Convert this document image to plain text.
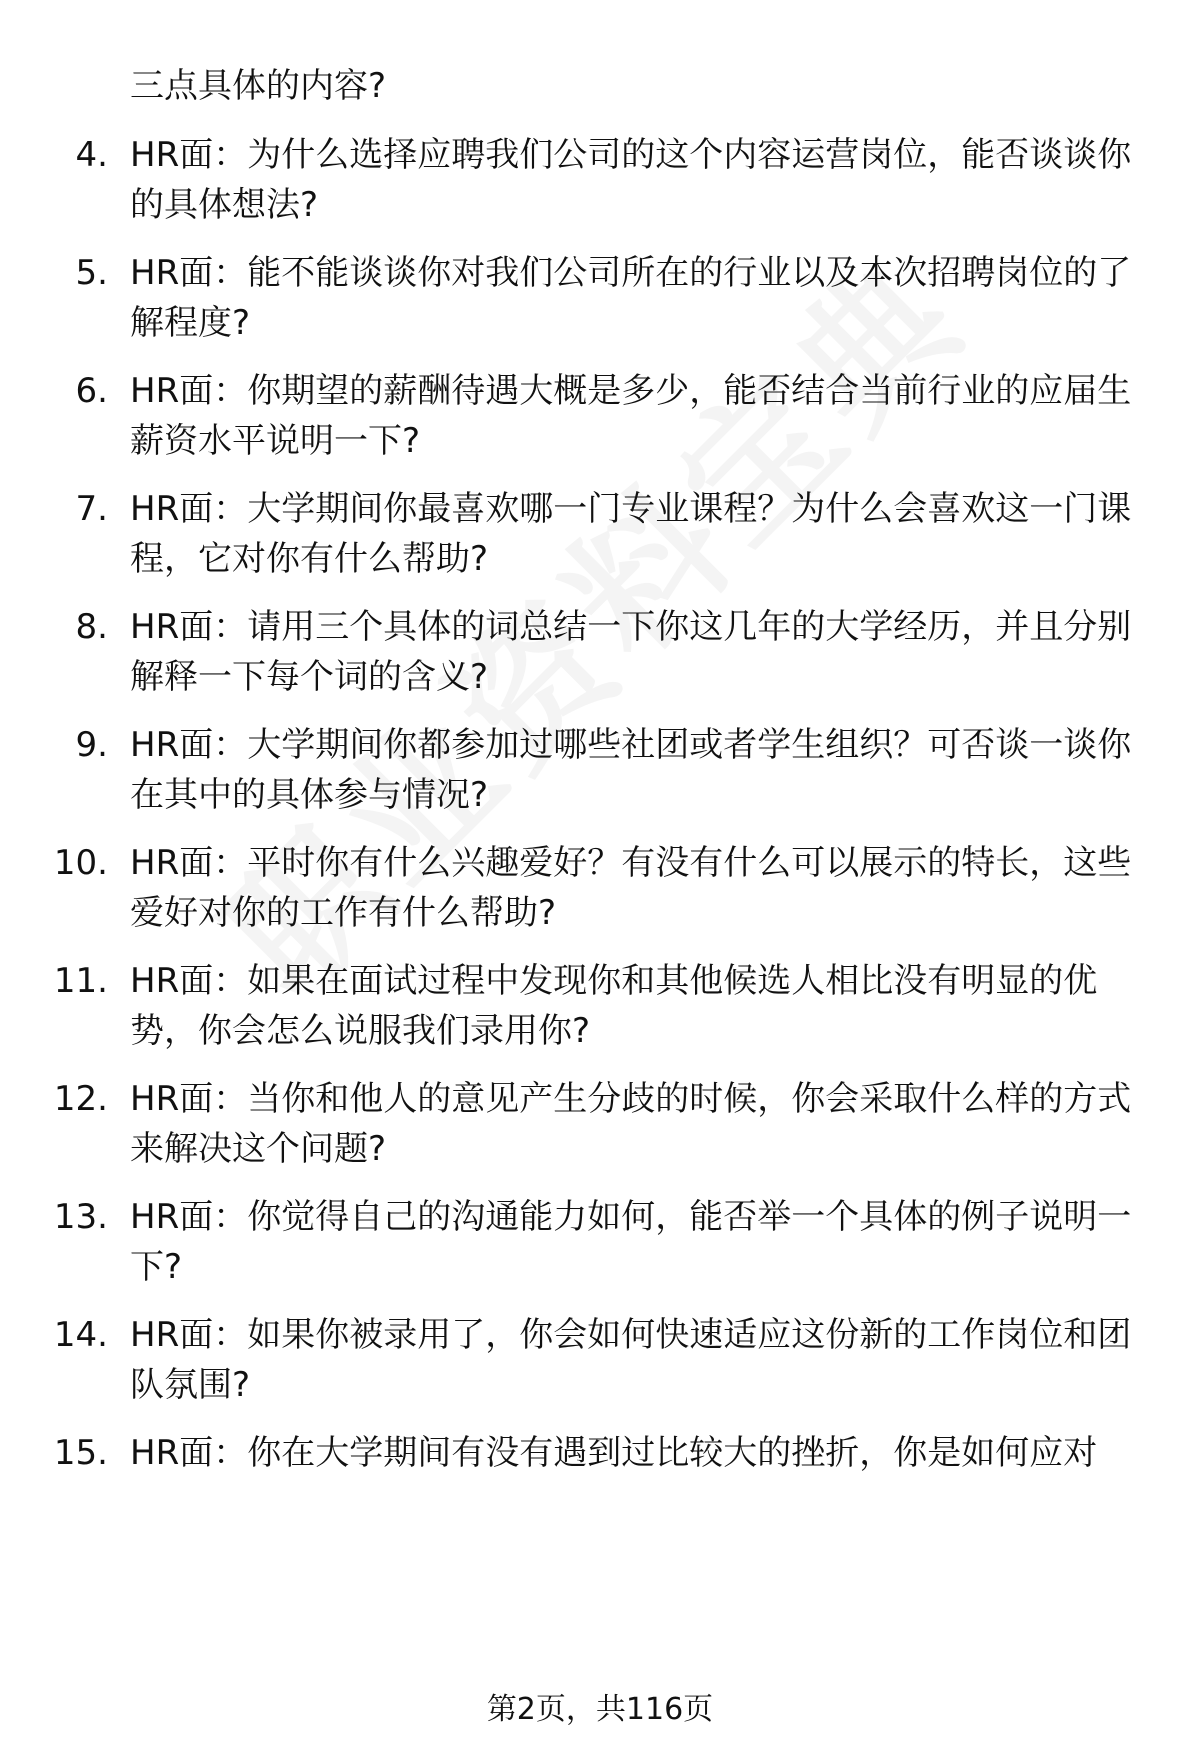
三点具体的内容?

4. HR面：为什么选择应聘我们公司的这个内容运营岗位，能否谈谈你的具体想法?

5. HR面：能不能谈谈你对我们公司所在的行业以及本次招聘岗位的了解程度?

6. HR面：你期望的薪酬待遇大概是多少，能否结合当前行业的应届生薪资水平说明一下?

7. HR面：大学期间你最喜欢哪一门专业课程？为什么会喜欢这一门课程，它对你有什么帮助?

8. HR面：请用三个具体的词总结一下你这几年的大学经历，并且分别解释一下每个词的含义?

9. HR面：大学期间你都参加过哪些社团或者学生组织？可否谈一谈你在其中的具体参与情况?

10. HR面：平时你有什么兴趣爱好？有没有什么可以展示的特长，这些爱好对你的工作有什么帮助?

11. HR面：如果在面试过程中发现你和其他候选人相比没有明显的优势，你会怎么说服我们录用你?

12. HR面：当你和他人的意见产生分歧的时候，你会采取什么样的方式来解决这个问题?

13. HR面：你觉得自己的沟通能力如何，能否举一个具体的例子说明一下?

14. HR面：如果你被录用了，你会如何快速适应这份新的工作岗位和团队氛围?

15. HR面：你在大学期间有没有遇到过比较大的挫折，你是如何应对

第2页，共116页
